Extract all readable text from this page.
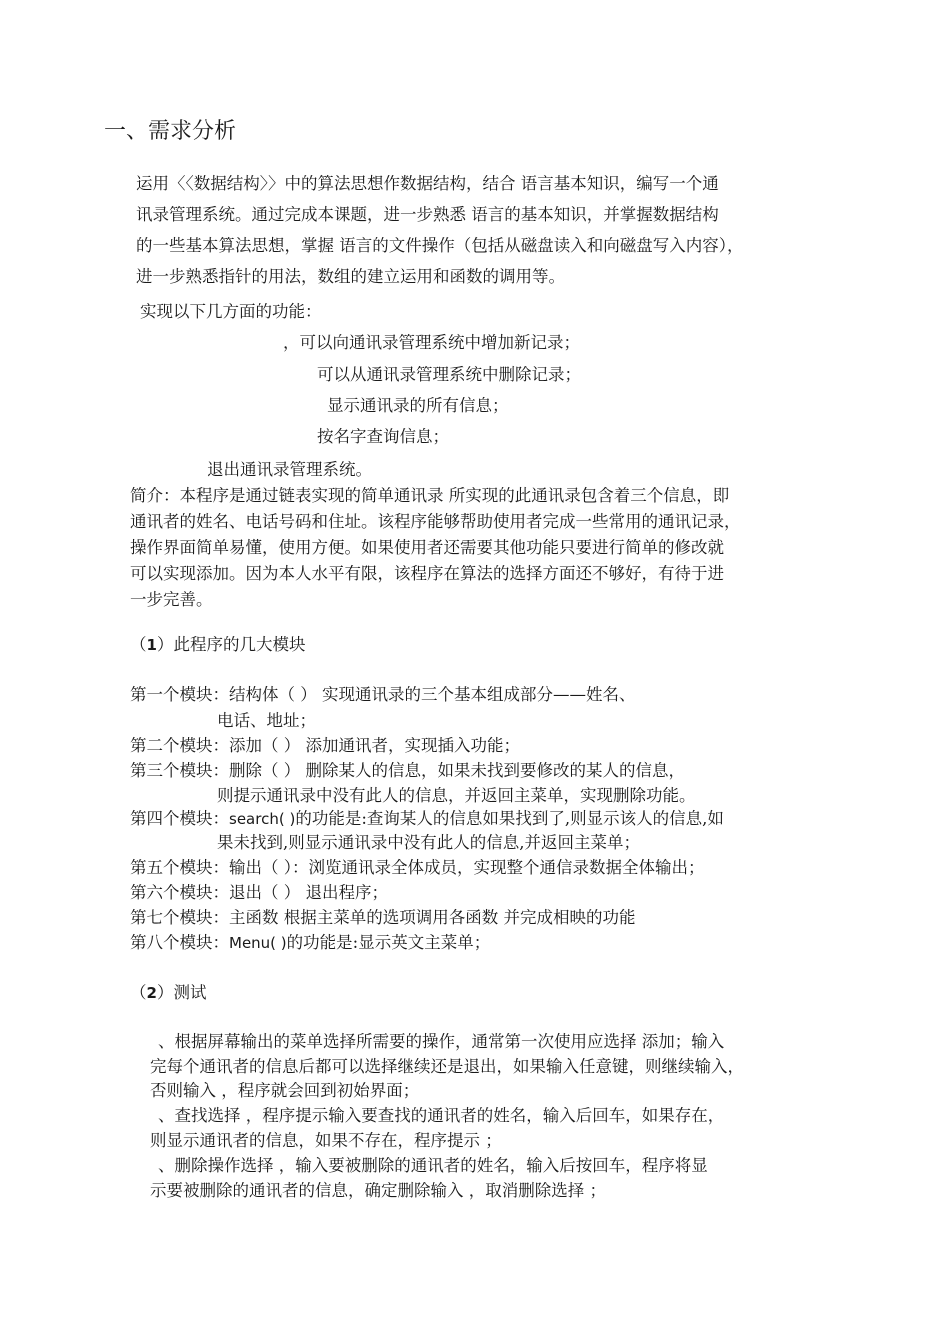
一、需求分析
运用〈〈数据结构〉〉中的算法思想作数据结构，结合 语言基本知识，编写一个通
讯录管理系统。通过完成本课题，进一步熟悉 语言的基本知识，并掌握数据结构
的一些基本算法思想，掌握 语言的文件操作（包括从磁盘读入和向磁盘写入内容），
进一步熟悉指针的用法，数组的建立运用和函数的调用等。
实现以下几方面的功能：
，可以向通讯录管理系统中增加新记录；
可以从通讯录管理系统中删除记录；
显示通讯录的所有信息；
按名字查询信息；
退出通讯录管理系统。
简介：本程序是通过链表实现的简单通讯录 所实现的此通讯录包含着三个信息，即
通讯者的姓名、电话号码和住址。该程序能够帮助使用者完成一些常用的通讯记录，
操作界面简单易懂，使用方便。如果使用者还需要其他功能只要进行简单的修改就
可以实现添加。因为本人水平有限，该程序在算法的选择方面还不够好，有待于进
一步完善。
（1）此程序的几大模块
第一个模块：结构体（ ） 实现通讯录的三个基本组成部分——姓名、
电话、地址；
第二个模块：添加（ ） 添加通讯者，实现插入功能；
第三个模块：删除（ ） 删除某人的信息，如果未找到要修改的某人的信息，
则提示通讯录中没有此人的信息，并返回主菜单，实现删除功能。
第四个模块：search( )的功能是:查询某人的信息如果找到了,则显示该人的信息,如
果未找到,则显示通讯录中没有此人的信息,并返回主菜单；
第五个模块：输出（ ）：浏览通讯录全体成员，实现整个通信录数据全体输出；
第六个模块：退出（ ） 退出程序；
第七个模块：主函数 根据主菜单的选项调用各函数 并完成相映的功能
第八个模块：Menu( )的功能是:显示英文主菜单；
（2）测试
、根据屏幕输出的菜单选择所需要的操作，通常第一次使用应选择 添加；输入
完每个通讯者的信息后都可以选择继续还是退出，如果输入任意键，则继续输入，
否则输入 ，程序就会回到初始界面；
、查找选择 ，程序提示输入要查找的通讯者的姓名，输入后回车，如果存在，
则显示通讯者的信息，如果不存在，程序提示 ；
、删除操作选择 ，输入要被删除的通讯者的姓名，输入后按回车，程序将显
示要被删除的通讯者的信息，确定删除输入 ，取消删除选择 ；
